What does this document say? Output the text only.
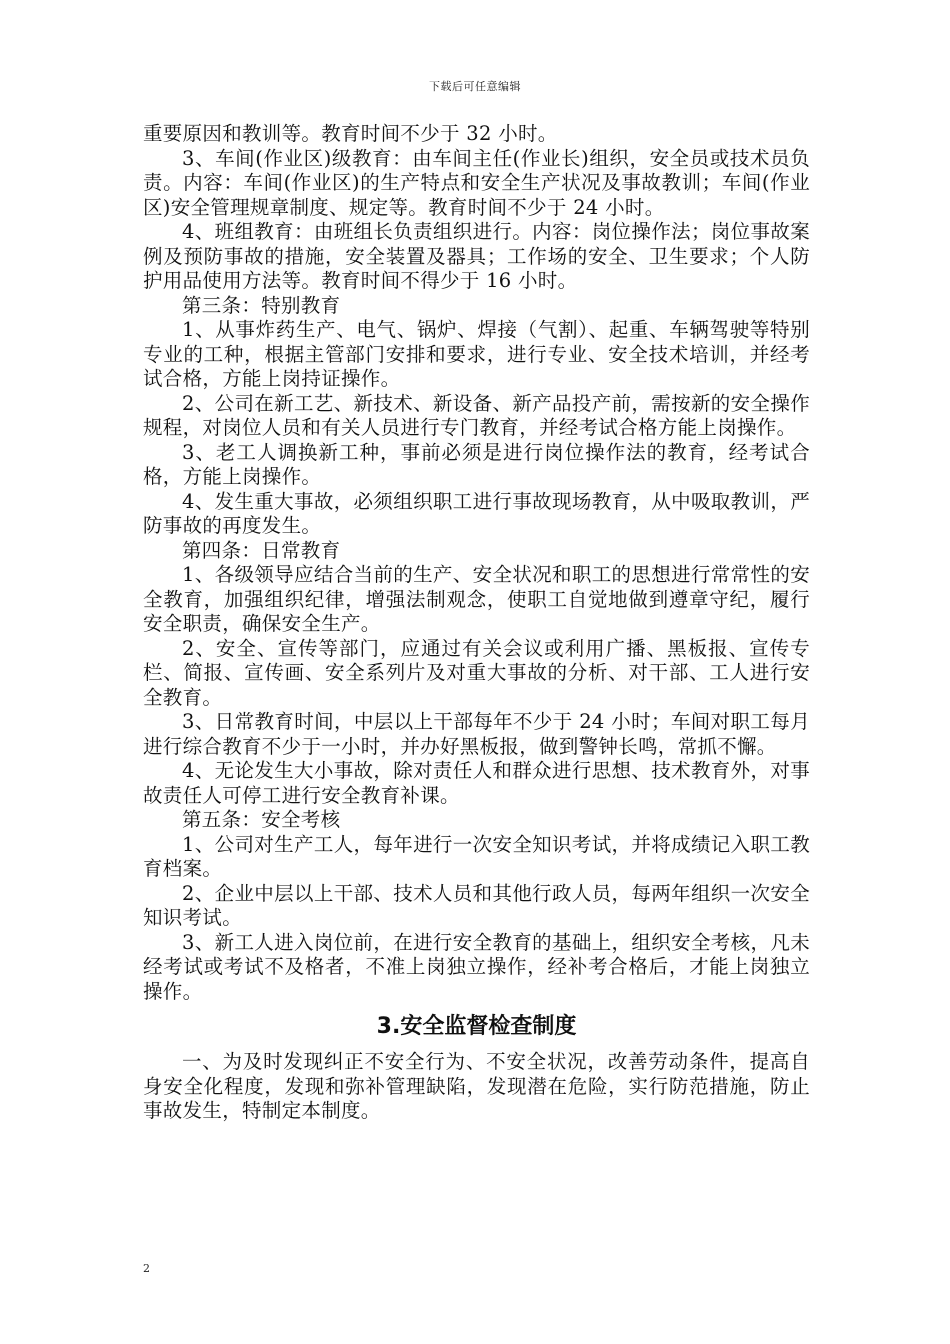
下载后可任意编辑

重要原因和教训等。教育时间不少于 32 小时。

3、车间(作业区)级教育：由车间主任(作业长)组织，安全员或技术员负责。内容：车间(作业区)的生产特点和安全生产状况及事故教训；车间(作业区)安全管理规章制度、规定等。教育时间不少于 24 小时。

4、班组教育：由班组长负责组织进行。内容：岗位操作法；岗位事故案例及预防事故的措施，安全装置及器具；工作场的安全、卫生要求；个人防护用品使用方法等。教育时间不得少于 16 小时。

第三条：特别教育

1、从事炸药生产、电气、锅炉、焊接（气割）、起重、车辆驾驶等特别专业的工种，根据主管部门安排和要求，进行专业、安全技术培训，并经考试合格，方能上岗持证操作。

2、公司在新工艺、新技术、新设备、新产品投产前，需按新的安全操作规程，对岗位人员和有关人员进行专门教育，并经考试合格方能上岗操作。

3、老工人调换新工种，事前必须是进行岗位操作法的教育，经考试合格，方能上岗操作。

4、发生重大事故，必须组织职工进行事故现场教育，从中吸取教训，严防事故的再度发生。

第四条：日常教育

1、各级领导应结合当前的生产、安全状况和职工的思想进行常常性的安全教育，加强组织纪律，增强法制观念，使职工自觉地做到遵章守纪，履行安全职责，确保安全生产。

2、安全、宣传等部门，应通过有关会议或利用广播、黑板报、宣传专栏、简报、宣传画、安全系列片及对重大事故的分析、对干部、工人进行安全教育。

3、日常教育时间，中层以上干部每年不少于 24 小时；车间对职工每月进行综合教育不少于一小时，并办好黑板报，做到警钟长鸣，常抓不懈。

4、无论发生大小事故，除对责任人和群众进行思想、技术教育外，对事故责任人可停工进行安全教育补课。

第五条：安全考核

1、公司对生产工人，每年进行一次安全知识考试，并将成绩记入职工教育档案。

2、企业中层以上干部、技术人员和其他行政人员，每两年组织一次安全知识考试。

3、新工人进入岗位前，在进行安全教育的基础上，组织安全考核，凡未经考试或考试不及格者，不准上岗独立操作，经补考合格后，才能上岗独立操作。

3.安全监督检查制度

一、为及时发现纠正不安全行为、不安全状况，改善劳动条件，提高自身安全化程度，发现和弥补管理缺陷，发现潜在危险，实行防范措施，防止事故发生，特制定本制度。

2
